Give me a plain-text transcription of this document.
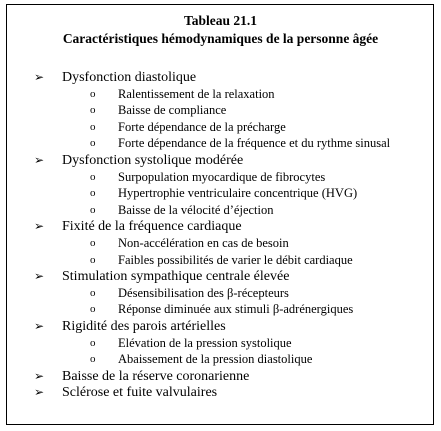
Tableau 21.1
Caractéristiques hémodynamiques de la personne âgée
➢ Dysfonction diastolique
o Ralentissement de la relaxation
o Baisse de compliance
o Forte dépendance de la précharge
o Forte dépendance de la fréquence et du rythme sinusal
➢ Dysfonction systolique modérée
o Surpopulation myocardique de fibrocytes
o Hypertrophie ventriculaire concentrique (HVG)
o Baisse de la vélocité d’éjection
➢ Fixité de la fréquence cardiaque
o Non-accélération en cas de besoin
o Faibles possibilités de varier le débit cardiaque
➢ Stimulation sympathique centrale élevée
o Désensibilisation des β-récepteurs
o Réponse diminuée aux stimuli β-adrénergiques
➢ Rigidité des parois artérielles
o Elévation de la pression systolique
o Abaissement de la pression diastolique
➢ Baisse de la réserve coronarienne
➢ Sclérose et fuite valvulaires
